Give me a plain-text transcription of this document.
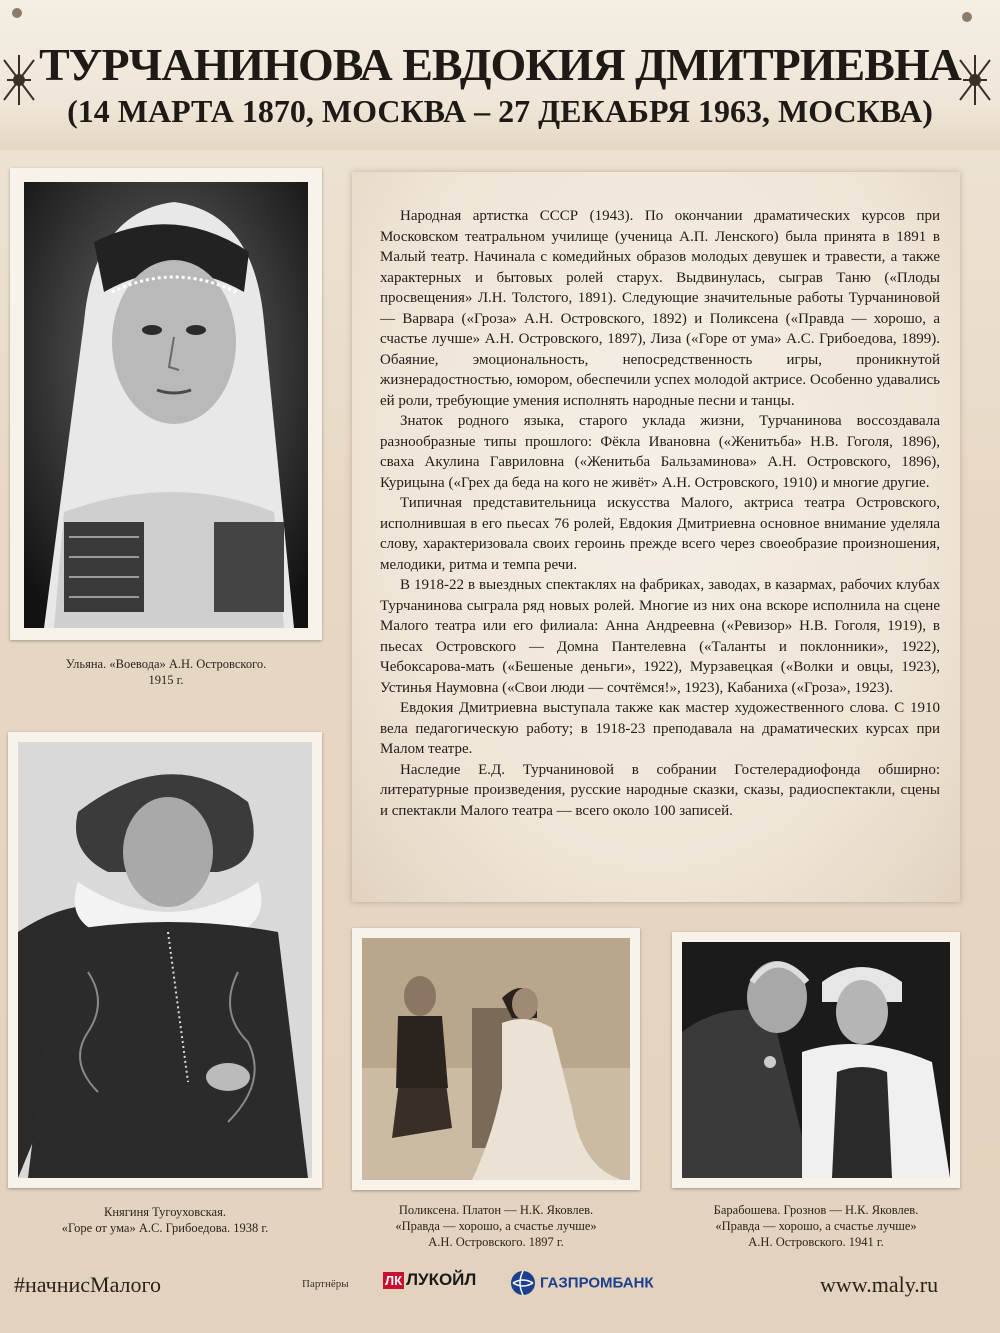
ТУРЧАНИНОВА ЕВДОКИЯ ДМИТРИЕВНА
(14 МАРТА 1870, МОСКВА – 27 ДЕКАБРЯ 1963, МОСКВА)
Ульяна. «Воевода» А.Н. Островского.
1915 г.
Княгиня Тугоуховская.
«Горе от ума» А.С. Грибоедова. 1938 г.

Народная артистка СССР (1943). По окончании драматических курсов при Московском театральном училище (ученица А.П. Ленского) была принята в 1891 в Малый театр. Начинала с комедийных образов молодых девушек и травести, а также характерных и бытовых ролей старух. Выдвинулась, сыграв Таню («Плоды просвещения» Л.Н. Толстого, 1891). Следующие значительные работы Турчаниновой — Варвара («Гроза» А.Н. Островского, 1892) и Поликсена («Правда — хорошо, а счастье лучше» А.Н. Островского, 1897), Лиза («Горе от ума» А.С. Грибоедова, 1899). Обаяние, эмоциональность, непосредственность игры, проникнутой жизнерадостностью, юмором, обеспечили успех молодой актрисе. Особенно удавались ей роли, требующие умения исполнять народные песни и танцы.

Знаток родного языка, старого уклада жизни, Турчанинова воссоздавала разнообразные типы прошлого: Фёкла Ивановна («Женитьба» Н.В. Гоголя, 1896), сваха Акулина Гавриловна («Женитьба Бальзаминова» А.Н. Островского, 1896), Курицына («Грех да беда на кого не живёт» А.Н. Островского, 1910) и многие другие.

Типичная представительница искусства Малого, актриса театра Островского, исполнившая в его пьесах 76 ролей, Евдокия Дмитриевна основное внимание уделяла слову, характеризовала своих героинь прежде всего через своеобразие произношения, мелодики, ритма и темпа речи.

В 1918-22 в выездных спектаклях на фабриках, заводах, в казармах, рабочих клубах Турчанинова сыграла ряд новых ролей. Многие из них она вскоре исполнила на сцене Малого театра или его филиала: Анна Андреевна («Ревизор» Н.В. Гоголя, 1919), в пьесах Островского — Домна Пантелевна («Таланты и поклонники», 1922), Чебоксарова-мать («Бешеные деньги», 1922), Мурзавецкая («Волки и овцы, 1923), Устинья Наумовна («Свои люди — сочтёмся!», 1923), Кабаниха («Гроза», 1923).

Евдокия Дмитриевна выступала также как мастер художественного слова. С 1910 вела педагогическую работу; в 1918-23 преподавала на драматических курсах при Малом театре.

Наследие Е.Д. Турчаниновой в собрании Гостелерадиофонда обширно: литературные произведения, русские народные сказки, сказы, радиоспектакли, сцены и спектакли Малого театра — всего около 100 записей.

Поликсена. Платон — Н.К. Яковлев.
«Правда — хорошо, а счастье лучше»
А.Н. Островского. 1897 г.
Барабошева. Грознов — Н.К. Яковлев.
«Правда — хорошо, а счастье лучше»
А.Н. Островского. 1941 г.
#начнисМалого	Партнёры	ЛК ЛУКОЙЛ	ГАЗПРОМБАНК	www.maly.ru
